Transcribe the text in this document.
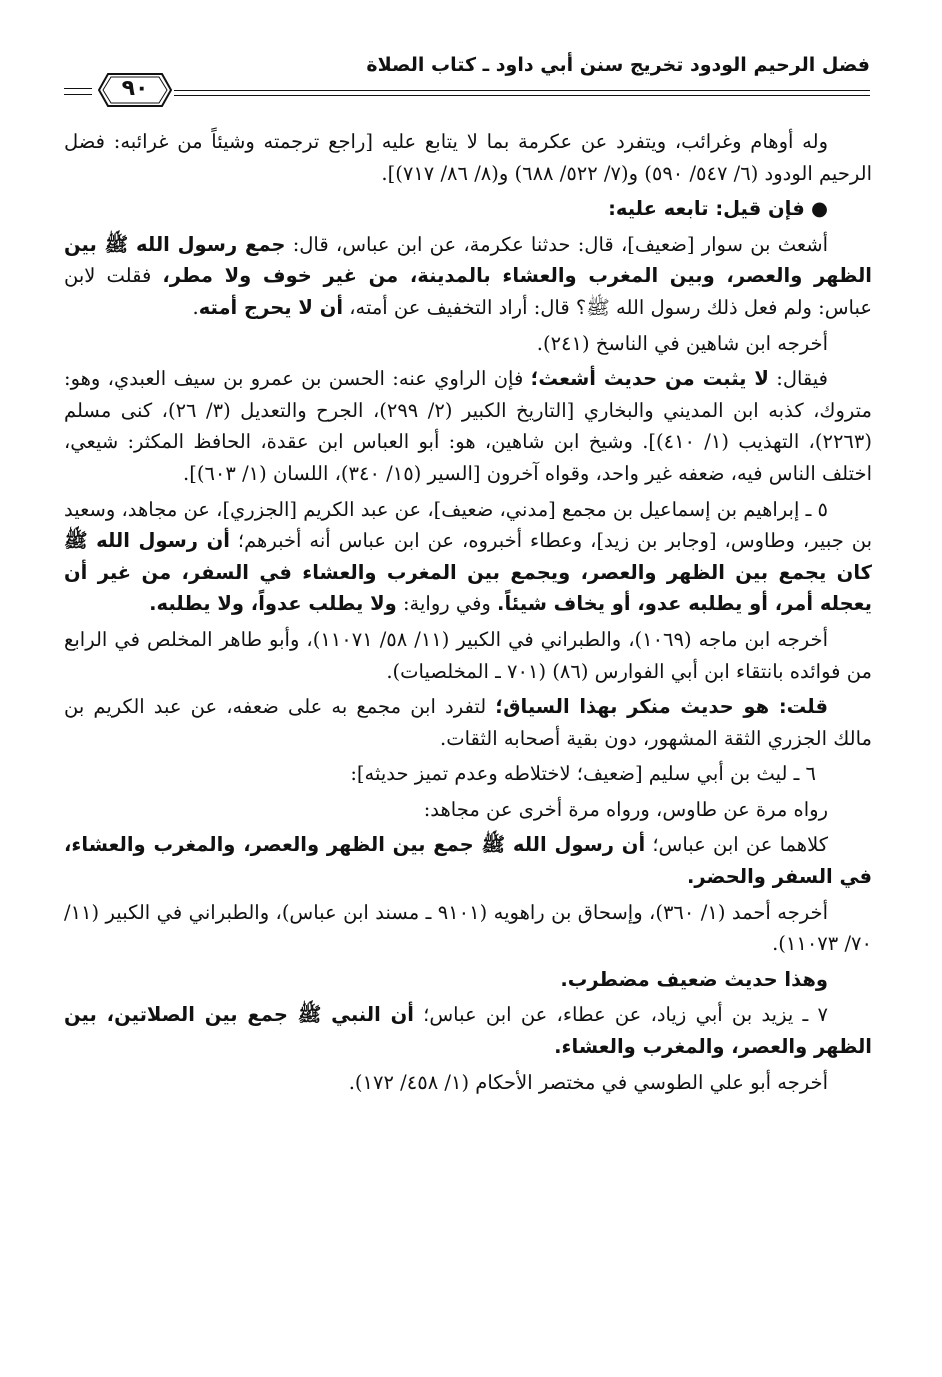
فضل الرحيم الودود تخريج سنن أبي داود ـ كتاب الصلاة
٩٠

وله أوهام وغرائب، ويتفرد عن عكرمة بما لا يتابع عليه [راجع ترجمته وشيئاً من غرائبه: فضل الرحيم الودود (٦/ ٥٤٧/ ٥٩٠) و(٧/ ٥٢٢/ ٦٨٨) و(٨/ ٨٦/ ٧١٧)].

● فإن قيل: تابعه عليه:

أشعث بن سوار [ضعيف]، قال: حدثنا عكرمة، عن ابن عباس، قال: جمع رسول الله ﷺ بين الظهر والعصر، وبين المغرب والعشاء بالمدينة، من غير خوف ولا مطر، فقلت لابن عباس: ولم فعل ذلك رسول الله ﷺ؟ قال: أراد التخفيف عن أمته، أن لا يحرج أمته.

أخرجه ابن شاهين في الناسخ (٢٤١).

فيقال: لا يثبت من حديث أشعث؛ فإن الراوي عنه: الحسن بن عمرو بن سيف العبدي، وهو: متروك، كذبه ابن المديني والبخاري [التاريخ الكبير (٢/ ٢٩٩)، الجرح والتعديل (٣/ ٢٦)، كنى مسلم (٢٢٦٣)، التهذيب (١/ ٤١٠)]. وشيخ ابن شاهين، هو: أبو العباس ابن عقدة، الحافظ المكثر: شيعي، اختلف الناس فيه، ضعفه غير واحد، وقواه آخرون [السير (١٥/ ٣٤٠)، اللسان (١/ ٦٠٣)].

٥ ـ إبراهيم بن إسماعيل بن مجمع [مدني، ضعيف]، عن عبد الكريم [الجزري]، عن مجاهد، وسعيد بن جبير، وطاوس، [وجابر بن زيد]، وعطاء أخبروه، عن ابن عباس أنه أخبرهم؛ أن رسول الله ﷺ كان يجمع بين الظهر والعصر، ويجمع بين المغرب والعشاء في السفر، من غير أن يعجله أمر، أو يطلبه عدو، أو يخاف شيئاً. وفي رواية: ولا يطلب عدواً، ولا يطلبه.

أخرجه ابن ماجه (١٠٦٩)، والطبراني في الكبير (١١/ ٥٨/ ١١٠٧١)، وأبو طاهر المخلص في الرابع من فوائده بانتقاء ابن أبي الفوارس (٨٦) (٧٠١ ـ المخلصيات).

قلت: هو حديث منكر بهذا السياق؛ لتفرد ابن مجمع به على ضعفه، عن عبد الكريم بن مالك الجزري الثقة المشهور، دون بقية أصحابه الثقات.

٦ ـ ليث بن أبي سليم [ضعيف؛ لاختلاطه وعدم تميز حديثه]:

رواه مرة عن طاوس، ورواه مرة أخرى عن مجاهد:

كلاهما عن ابن عباس؛ أن رسول الله ﷺ جمع بين الظهر والعصر، والمغرب والعشاء، في السفر والحضر.

أخرجه أحمد (١/ ٣٦٠)، وإسحاق بن راهويه (٩١٠١ ـ مسند ابن عباس)، والطبراني في الكبير (١١/ ٧٠/ ١١٠٧٣).

وهذا حديث ضعيف مضطرب.

٧ ـ يزيد بن أبي زياد، عن عطاء، عن ابن عباس؛ أن النبي ﷺ جمع بين الصلاتين، بين الظهر والعصر، والمغرب والعشاء.

أخرجه أبو علي الطوسي في مختصر الأحكام (١/ ٤٥٨/ ١٧٢).
